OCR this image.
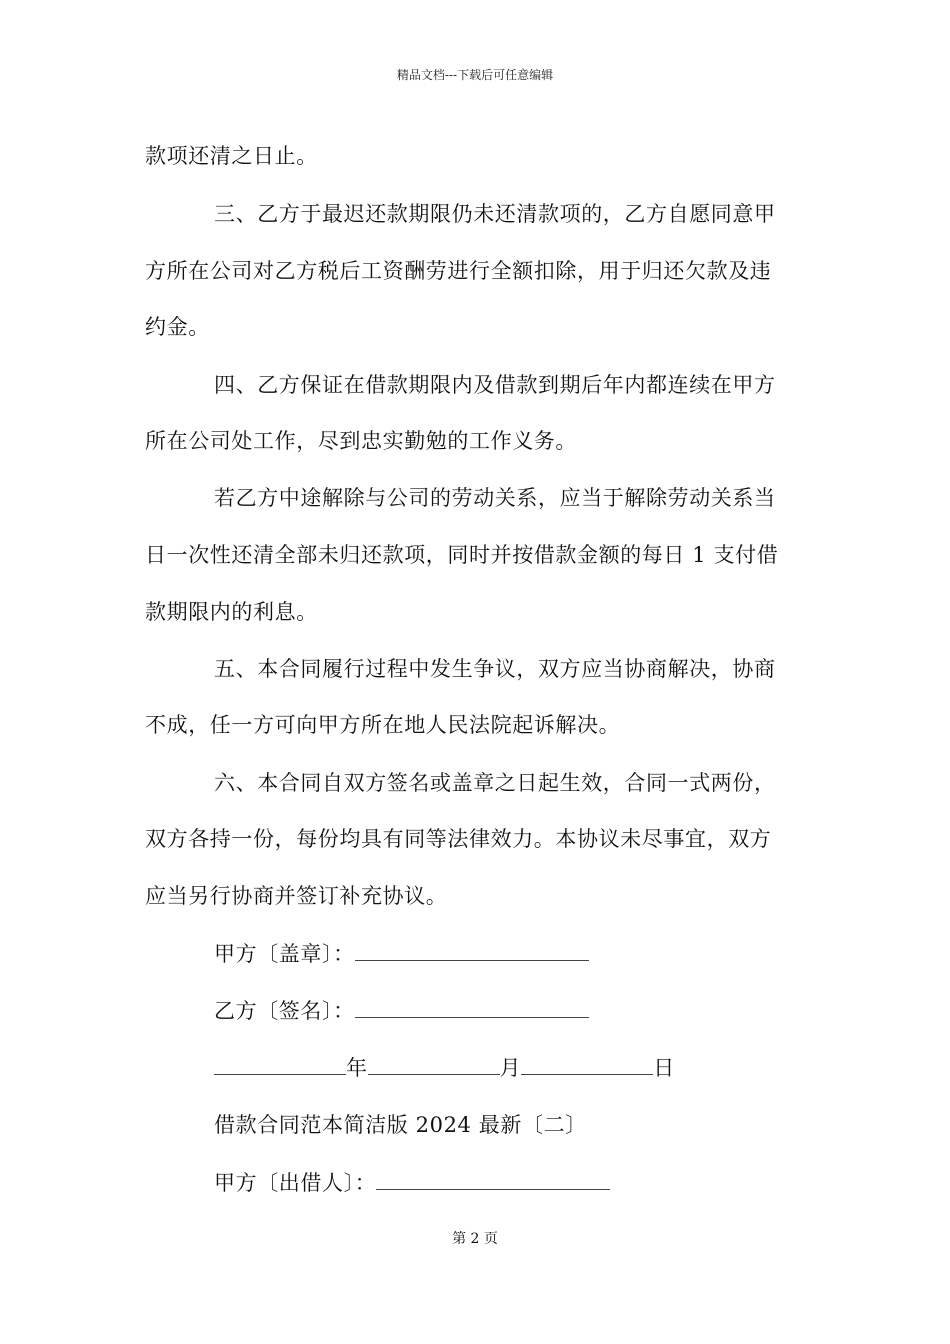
精品文档---下载后可任意编辑
款项还清之日止。
三、乙方于最迟还款期限仍未还清款项的，乙方自愿同意甲
方所在公司对乙方税后工资酬劳进行全额扣除，用于归还欠款及违
约金。
四、乙方保证在借款期限内及借款到期后年内都连续在甲方
所在公司处工作，尽到忠实勤勉的工作义务。
若乙方中途解除与公司的劳动关系，应当于解除劳动关系当
日一次性还清全部未归还款项，同时并按借款金额的每日 1 支付借
款期限内的利息。
五、本合同履行过程中发生争议，双方应当协商解决，协商
不成，任一方可向甲方所在地人民法院起诉解决。
六、本合同自双方签名或盖章之日起生效，合同一式两份，
双方各持一份，每份均具有同等法律效力。本协议未尽事宜，双方
应当另行协商并签订补充协议。
甲方〔盖章〕：
乙方〔签名〕：
年	月	日
借款合同范本简洁版 2024 最新〔二〕
甲方〔出借人〕：
第 2 页
